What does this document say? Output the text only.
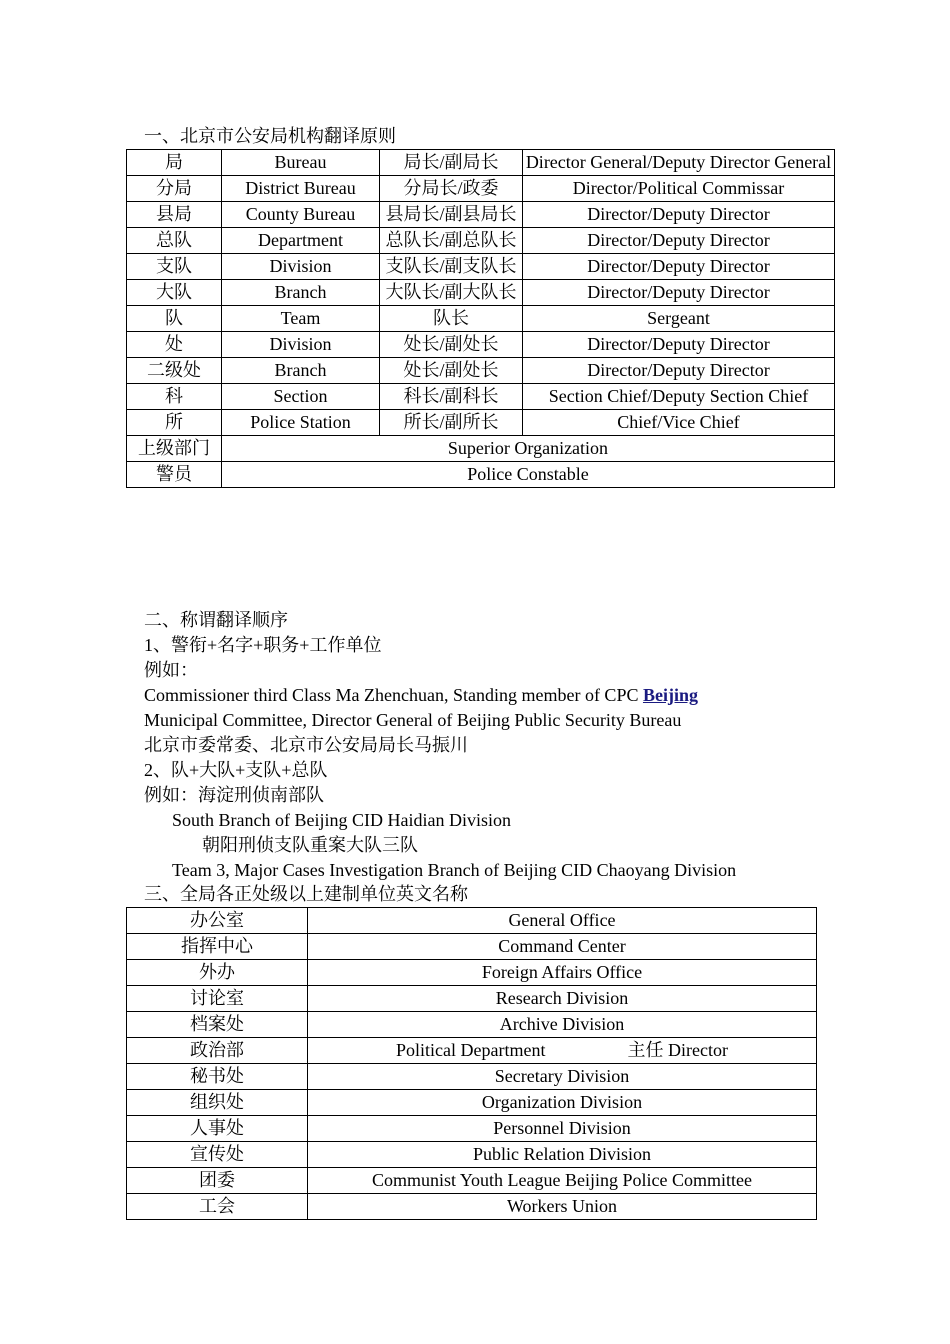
一、北京市公安局机构翻译原则
局	Bureau	局长/副局长	Director General/Deputy Director General
分局	District Bureau	分局长/政委	Director/Political Commissar
县局	County Bureau	县局长/副县局长	Director/Deputy Director
总队	Department	总队长/副总队长	Director/Deputy Director
支队	Division	支队长/副支队长	Director/Deputy Director
大队	Branch	大队长/副大队长	Director/Deputy Director
队	Team	队长	Sergeant
处	Division	处长/副处长	Director/Deputy Director
二级处	Branch	处长/副处长	Director/Deputy Director
科	Section	科长/副科长	Section Chief/Deputy Section Chief
所	Police Station	所长/副所长	Chief/Vice Chief
上级部门	Superior Organization		
警员	Police Constable		
二、称谓翻译顺序
1、警衔+名字+职务+工作单位
例如：
Commissioner third Class Ma Zhenchuan, Standing member of CPC Beijing
Municipal Committee, Director General of Beijing Public Security Bureau
北京市委常委、北京市公安局局长马振川
2、队+大队+支队+总队
例如：海淀刑侦南部队
South Branch of Beijing CID Haidian Division
朝阳刑侦支队重案大队三队
Team 3, Major Cases Investigation Branch of Beijing CID Chaoyang Division
三、全局各正处级以上建制单位英文名称
办公室	General Office
指挥中心	Command Center
外办	Foreign Affairs Office
讨论室	Research Division
档案处	Archive Division
政治部	Political Department 主任 Director
秘书处	Secretary Division
组织处	Organization Division
人事处	Personnel Division
宣传处	Public Relation Division
团委	Communist Youth League Beijing Police Committee
工会	Workers Union
